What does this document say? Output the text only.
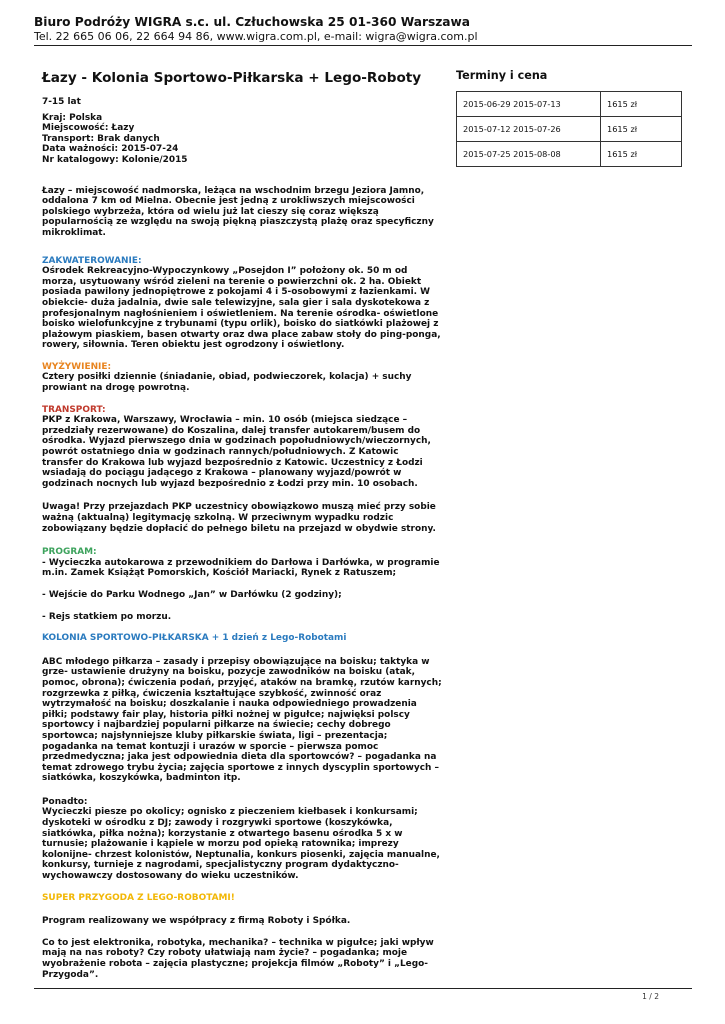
Biuro Podróży WIGRA s.c. ul. Człuchowska 25 01-360 Warszawa
Tel. 22 665 06 06, 22 664 94 86, www.wigra.com.pl, e-mail: wigra@wigra.com.pl
Łazy - Kolonia Sportowo-Piłkarska + Lego-Roboty

7-15 lat

Kraj: Polska

Miejscowość: Łazy

Transport: Brak danych

Data ważności: 2015-07-24

Nr katalogowy: Kolonie/2015

Łazy – miejscowość nadmorska, leżąca na wschodnim brzegu Jeziora Jamno, oddalona 7 km od Mielna. Obecnie jest jedną z urokliwszych miejscowości polskiego wybrzeża, która od wielu już lat cieszy się coraz większą popularnością ze względu na swoją piękną piaszczystą plażę oraz specyficzny mikroklimat.

ZAKWATEROWANIE:

Ośrodek Rekreacyjno-Wypoczynkowy „Posejdon I” położony ok. 50 m od morza, usytuowany wśród zieleni na terenie o powierzchni ok. 2 ha. Obiekt posiada pawilony jednopiętrowe z pokojami 4 i 5-osobowymi z łazienkami. W obiekcie- duża jadalnia, dwie sale telewizyjne, sala gier i sala dyskotekowa z profesjonalnym nagłośnieniem i oświetleniem. Na terenie ośrodka- oświetlone boisko wielofunkcyjne z trybunami (typu orlik), boisko do siatkówki plażowej z plażowym piaskiem, basen otwarty oraz dwa place zabaw stoły do ping-ponga, rowery, siłownia. Teren obiektu jest ogrodzony i oświetlony.

WYŻYWIENIE:

Cztery posiłki dziennie (śniadanie, obiad, podwieczorek, kolacja) + suchy prowiant na drogę powrotną.

TRANSPORT:

PKP z Krakowa, Warszawy, Wrocławia – min. 10 osób (miejsca siedzące – przedziały rezerwowane) do Koszalina, dalej transfer autokarem/busem do ośrodka. Wyjazd pierwszego dnia w godzinach popołudniowych/wieczornych, powrót ostatniego dnia w godzinach rannych/południowych. Z Katowic transfer do Krakowa lub wyjazd bezpośrednio z Katowic. Uczestnicy z Łodzi wsiadają do pociągu jadącego z Krakowa – planowany wyjazd/powrót w godzinach nocnych lub wyjazd bezpośrednio z Łodzi przy min. 10 osobach.

Uwaga! Przy przejazdach PKP uczestnicy obowiązkowo muszą mieć przy sobie ważną (aktualną) legitymację szkolną. W przeciwnym wypadku rodzic zobowiązany będzie dopłacić do pełnego biletu na przejazd w obydwie strony.

PROGRAM:

- Wycieczka autokarowa z przewodnikiem do Darłowa i Darłówka, w programie m.in. Zamek Książąt Pomorskich, Kościół Mariacki, Rynek z Ratuszem;

- Wejście do Parku Wodnego „Jan” w Darłówku (2 godziny);

- Rejs statkiem po morzu.

KOLONIA SPORTOWO-PIŁKARSKA + 1 dzień z Lego-Robotami

ABC młodego piłkarza – zasady i przepisy obowiązujące na boisku; taktyka w grze- ustawienie drużyny na boisku, pozycje zawodników na boisku (atak, pomoc, obrona); ćwiczenia podań, przyjęć, ataków na bramkę, rzutów karnych; rozgrzewka z piłką, ćwiczenia kształtujące szybkość, zwinność oraz wytrzymałość na boisku; doszkalanie i nauka odpowiedniego prowadzenia piłki; podstawy fair play, historia piłki nożnej w pigułce; najwięksi polscy sportowcy i najbardziej popularni piłkarze na świecie; cechy dobrego sportowca; najsłynniejsze kluby piłkarskie świata, ligi – prezentacja; pogadanka na temat kontuzji i urazów w sporcie – pierwsza pomoc przedmedyczna; jaka jest odpowiednia dieta dla sportowców? – pogadanka na temat zdrowego trybu życia; zajęcia sportowe z innych dyscyplin sportowych – siatkówka, koszykówka, badminton itp.

Ponadto:

Wycieczki piesze po okolicy; ognisko z pieczeniem kiełbasek i konkursami; dyskoteki w ośrodku z DJ; zawody i rozgrywki sportowe (koszykówka, siatkówka, piłka nożna); korzystanie z otwartego basenu ośrodka 5 x w turnusie; plażowanie i kąpiele w morzu pod opieką ratownika; imprezy kolonijne- chrzest kolonistów, Neptunalia, konkurs piosenki, zajęcia manualne, konkursy, turnieje z nagrodami, specjalistyczny program dydaktyczno-wychowawczy dostosowany do wieku uczestników.

SUPER PRZYGODA Z LEGO-ROBOTAMI!

Program realizowany we współpracy z firmą Roboty i Spółka.

Co to jest elektronika, robotyka, mechanika? – technika w pigułce; jaki wpływ mają na nas roboty? Czy roboty ułatwiają nam życie? – pogadanka; moje wyobrażenie robota – zajęcia plastyczne; projekcja filmów „Roboty” i „Lego-Przygoda”.

Terminy i cena
2015-06-29 2015-07-13	1615 zł
2015-07-12 2015-07-26	1615 zł
2015-07-25 2015-08-08	1615 zł
1 / 2
